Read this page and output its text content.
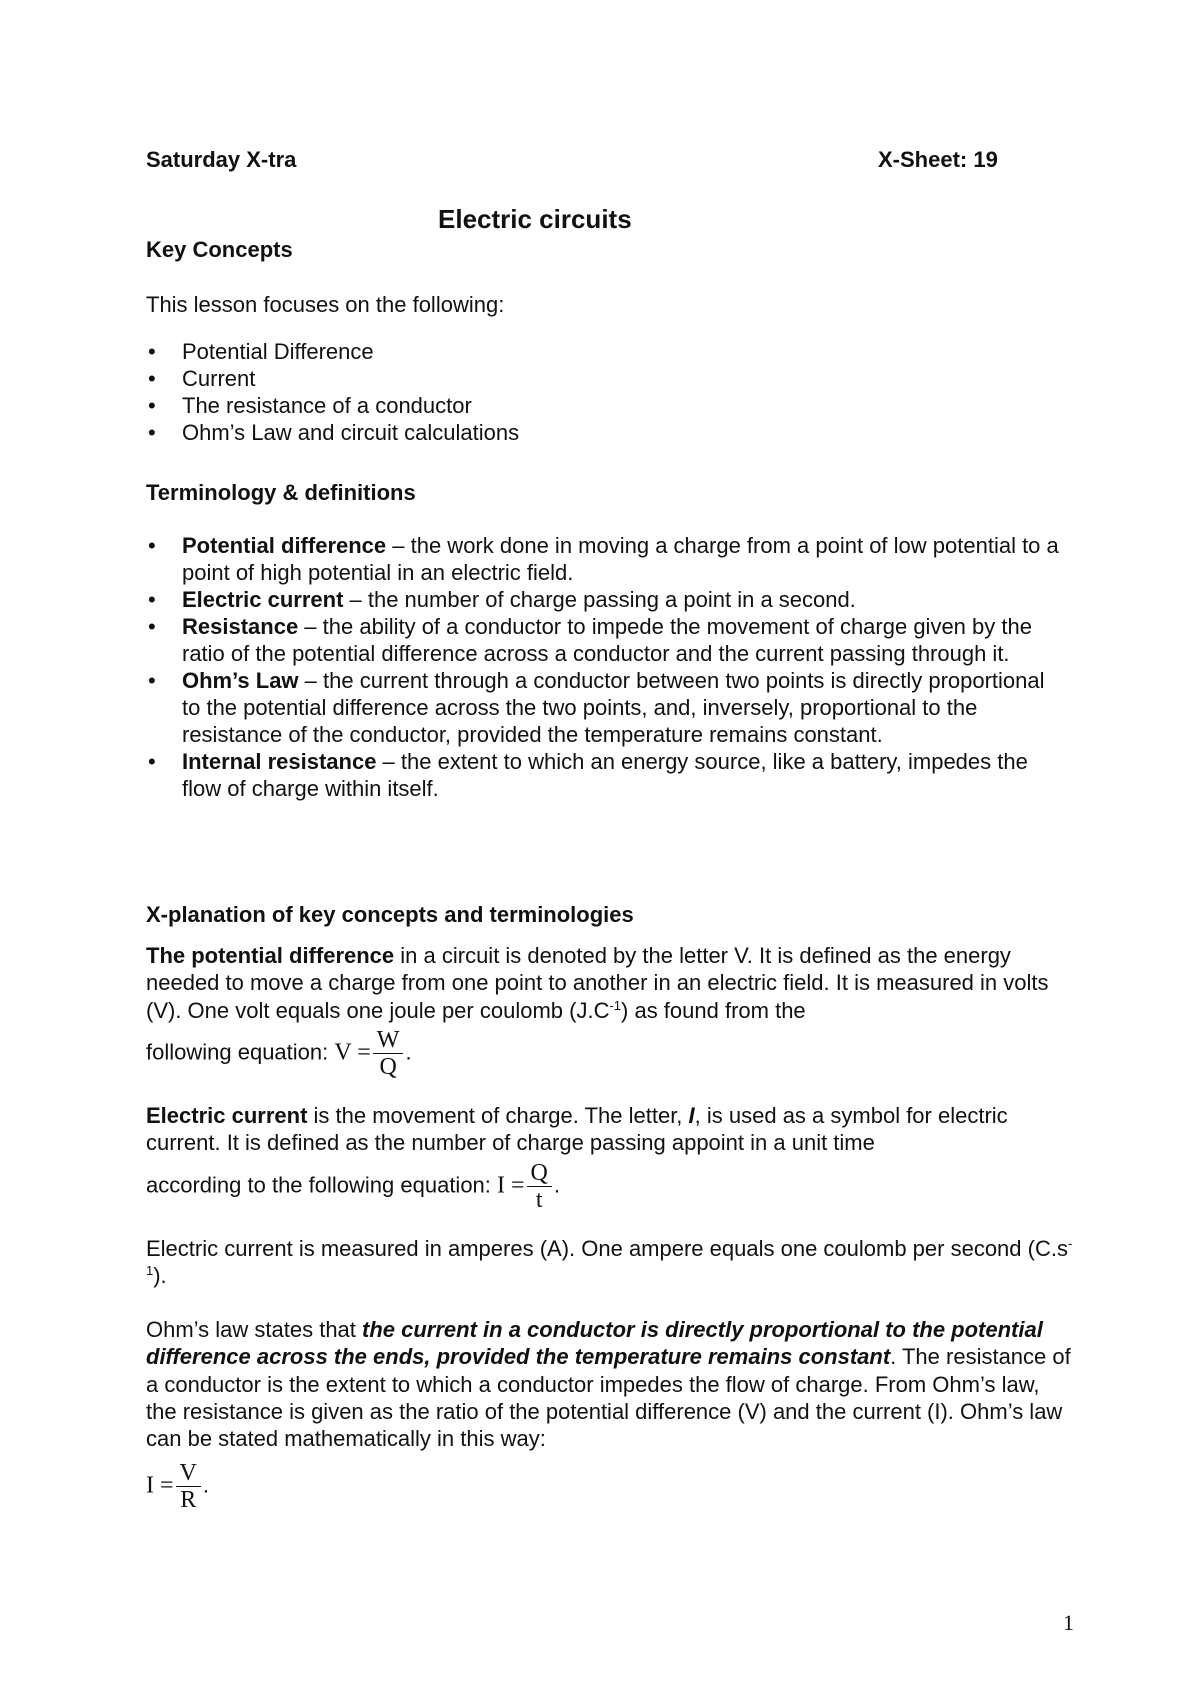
Saturday X-tra	X-Sheet: 19
Electric circuits
Key Concepts
This lesson focuses on the following:
• Potential Difference
• Current
• The resistance of a conductor
• Ohm’s Law and circuit calculations
Terminology & definitions
• Potential difference – the work done in moving a charge from a point of low potential to a point of high potential in an electric field.
• Electric current – the number of charge passing a point in a second.
• Resistance – the ability of a conductor to impede the movement of charge given by the ratio of the potential difference across a conductor and the current passing through it.
• Ohm’s Law – the current through a conductor between two points is directly proportional to the potential difference across the two points, and, inversely, proportional to the resistance of the conductor, provided the temperature remains constant.
• Internal resistance – the extent to which an energy source, like a battery, impedes the flow of charge within itself.
X-planation of key concepts and terminologies
The potential difference in a circuit is denoted by the letter V. It is defined as the energy needed to move a charge from one point to another in an electric field. It is measured in volts (V). One volt equals one joule per coulomb $(J.C^{-1})$ as found from the
following equation: $V = \frac{W}{Q}$ .
Electric current is the movement of charge. The letter, I, is used as a symbol for electric current. It is defined as the number of charge passing appoint in a unit time
according to the following equation: $I = \frac{Q}{t}$ .
Electric current is measured in amperes (A). One ampere equals one coulomb per second $(C.s^{-1})$.
Ohm’s law states that the current in a conductor is directly proportional to the potential difference across the ends, provided the temperature remains constant. The resistance of a conductor is the extent to which a conductor impedes the flow of charge. From Ohm’s law, the resistance is given as the ratio of the potential difference (V) and the current (I). Ohm’s law can be stated mathematically in this way:
$I = \frac{V}{R}$ .
1
